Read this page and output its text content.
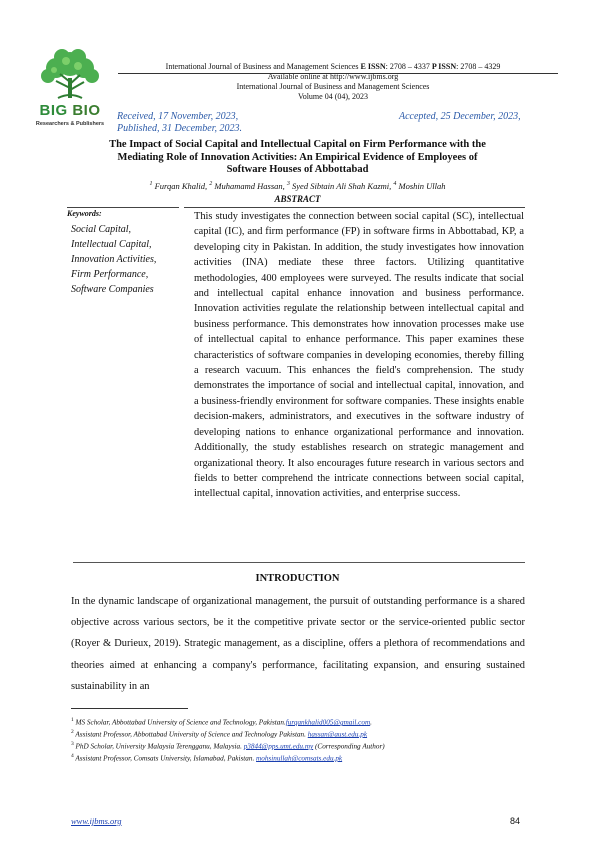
BIG BIO
Researchers & Publishers
International Journal of Business and Management Sciences E ISSN: 2708 – 4337 P ISSN: 2708 – 4329
Available online at http://www.ijbms.org
International Journal of Business and Management Sciences
Volume 04 (04), 2023
Received, 17 November, 2023,	Accepted, 25 December, 2023,
Published, 31 December, 2023.
The Impact of Social Capital and Intellectual Capital on Firm Performance with the
Mediating Role of Innovation Activities: An Empirical Evidence of Employees of
Software Houses of Abbottabad
$^1$ Furqan Khalid, $^2$ Muhamamd Hassan, $^3$ Syed Sibtain Ali Shah Kazmi, $^4$ Moshin Ullah
ABSTRACT
Keywords:
Social Capital,
Intellectual Capital,
Innovation Activities,
Firm Performance,
Software Companies
This study investigates the connection between social capital (SC), intellectual capital (IC), and firm performance (FP) in software firms in Abbottabad, KP, a developing city in Pakistan. In addition, the study investigates how innovation activities (INA) mediate these three factors. Utilizing quantitative methodologies, 400 employees were surveyed. The results indicate that social and intellectual capital enhance innovation and business performance. Innovation activities regulate the relationship between intellectual capital and business performance. This demonstrates how innovation processes make use of intellectual capital to enhance performance. This paper examines these characteristics of software companies in developing economies, thereby filling a research vacuum. This enhances the field's comprehension. The study demonstrates the importance of social and intellectual capital, innovation, and a business-friendly environment for software companies. These insights enable decision-makers, administrators, and executives in the software industry of developing nations to enhance organizational performance and innovation. Additionally, the study establishes research on strategic management and organizational theory. It also encourages future research in various sectors and fields to better comprehend the intricate connections between social capital, intellectual capital, innovation activities, and enterprise success.
INTRODUCTION
In the dynamic landscape of organizational management, the pursuit of outstanding performance is a shared objective across various sectors, be it the competitive private sector or the service-oriented public sector (Royer & Durieux, 2019). Strategic management, as a discipline, offers a plethora of recommendations and theories aimed at enhancing a company's performance, facilitating expansion, and ensuring sustained sustainability in an
$^1$ MS Scholar, Abbottabad University of Science and Technology, Pakistan.furqankhalid005@gmail.com.
$^2$ Assistant Professor, Abbottabad University of Science and Technology Pakistan. hassan@aust.edu.pk
$^3$ PhD Scholar, University Malaysia Terengganu, Malaysia. p3844@pps.umt.edu.my (Corresponding Author)
$^4$ Assistant Professor, Comsats University, Islamabad, Pakistan. mohsinullah@comsats.edu.pk
www.ijbms.org	84
